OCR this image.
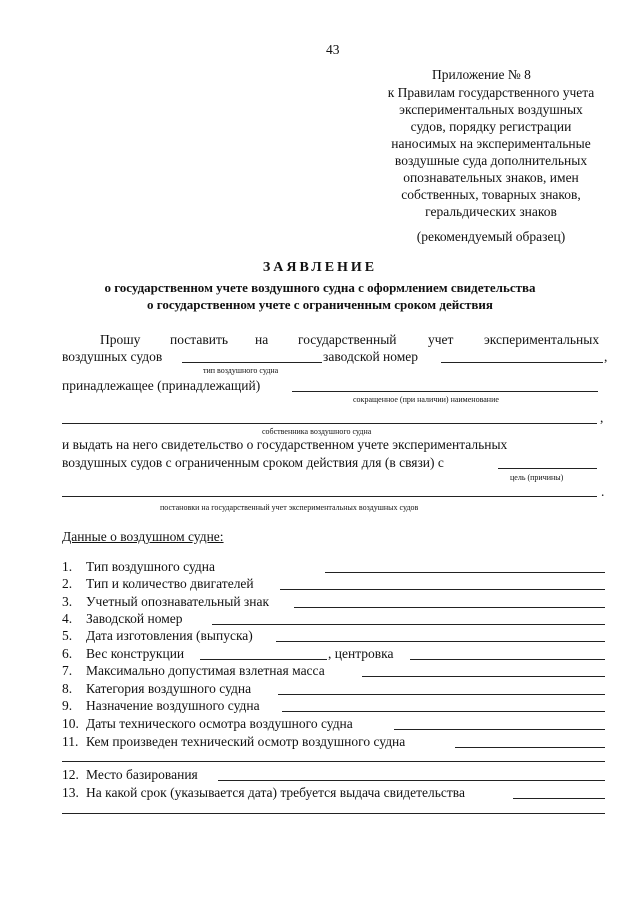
43
Приложение № 8
к Правилам государственного учета
экспериментальных воздушных
судов, порядку регистрации
наносимых на экспериментальные
воздушные суда дополнительных
опознавательных знаков, имен
собственных, товарных знаков,
геральдических знаков
(рекомендуемый образец)
ЗАЯВЛЕНИЕ
о государственном учете воздушного судна с оформлением свидетельства
о государственном учете с ограниченным сроком действия
Прошу поставить на государственный учет экспериментальных
воздушных судов	заводской номер	,
тип воздушного судна
принадлежащее (принадлежащий)
сокращенное (при наличии) наименование
,
собственника воздушного судна
и выдать на него свидетельство о государственном учете экспериментальных
воздушных судов с ограниченным сроком действия для (в связи) с
цель (причины)
.
постановки на государственный учет экспериментальных воздушных судов
Данные о воздушном судне:
1. Тип воздушного судна
2. Тип и количество двигателей
3. Учетный опознавательный знак
4. Заводской номер
5. Дата изготовления (выпуска)
6. Вес конструкции	, центровка
7. Максимально допустимая взлетная масса
8. Категория воздушного судна
9. Назначение воздушного судна
10. Даты технического осмотра воздушного судна
11. Кем произведен технический осмотр воздушного судна
12. Место базирования
13. На какой срок (указывается дата) требуется выдача свидетельства
